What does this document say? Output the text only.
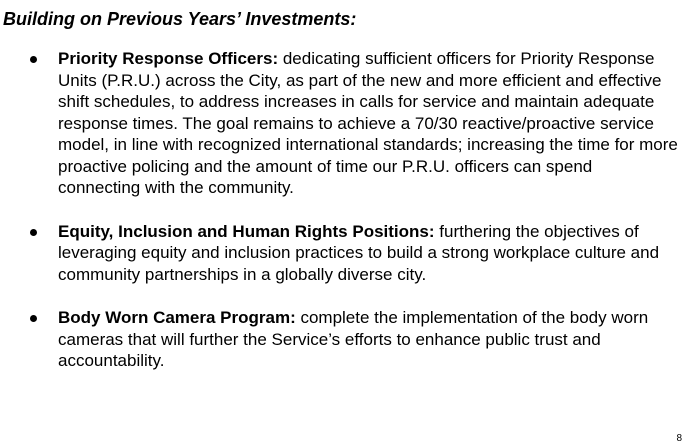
Building on Previous Years’ Investments:
Priority Response Officers: dedicating sufficient officers for Priority Response Units (P.R.U.) across the City, as part of the new and more efficient and effective shift schedules, to address increases in calls for service and maintain adequate response times. The goal remains to achieve a 70/30 reactive/proactive service model, in line with recognized international standards; increasing the time for more proactive policing and the amount of time our P.R.U. officers can spend connecting with the community.
Equity, Inclusion and Human Rights Positions: furthering the objectives of leveraging equity and inclusion practices to build a strong workplace culture and community partnerships in a globally diverse city.
Body Worn Camera Program: complete the implementation of the body worn cameras that will further the Service’s efforts to enhance public trust and accountability.
8
